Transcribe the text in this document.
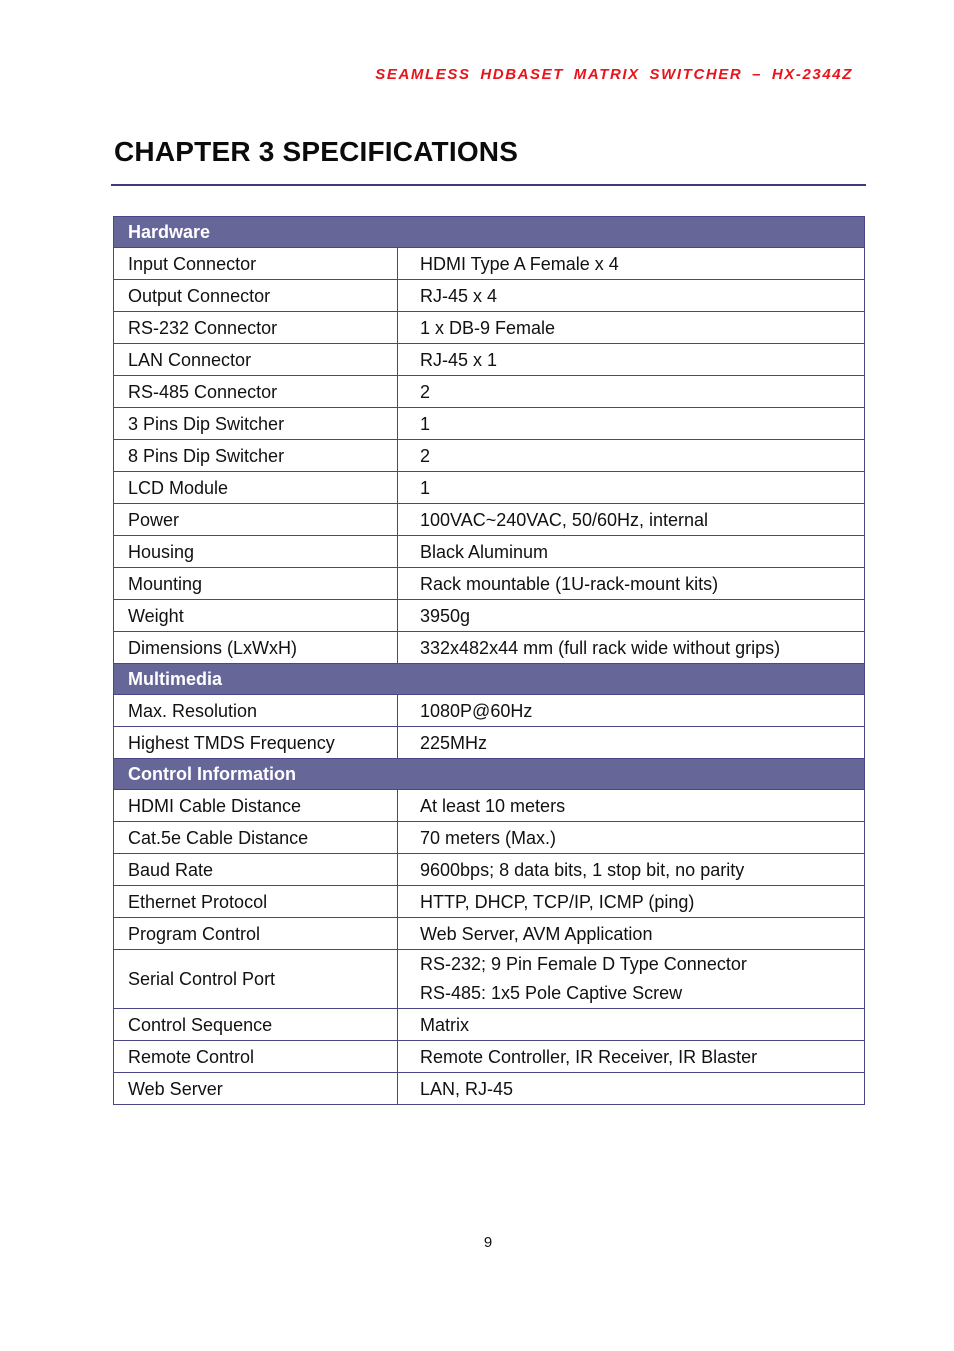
SEAMLESS HDBASET MATRIX SWITCHER – HX-2344Z
CHAPTER 3 SPECIFICATIONS
Hardware	
Input Connector	HDMI Type A Female x 4
Output Connector	RJ-45 x 4
RS-232 Connector	1 x DB-9 Female
LAN Connector	RJ-45 x 1
RS-485 Connector	2
3 Pins Dip Switcher	1
8 Pins Dip Switcher	2
LCD Module	1
Power	100VAC~240VAC, 50/60Hz, internal
Housing	Black Aluminum
Mounting	Rack mountable (1U-rack-mount kits)
Weight	3950g
Dimensions (LxWxH)	332x482x44 mm (full rack wide without grips)
Multimedia	
Max. Resolution	1080P@60Hz
Highest TMDS Frequency	225MHz
Control Information	
HDMI Cable Distance	At least 10 meters
Cat.5e Cable Distance	70 meters (Max.)
Baud Rate	9600bps; 8 data bits, 1 stop bit, no parity
Ethernet Protocol	HTTP, DHCP, TCP/IP, ICMP (ping)
Program Control	Web Server, AVM Application
Serial Control Port	RS-232; 9 Pin Female D Type Connector
RS-485: 1x5 Pole Captive Screw

Control Sequence	Matrix
Remote Control	Remote Controller, IR Receiver, IR Blaster
Web Server	LAN, RJ-45
9
